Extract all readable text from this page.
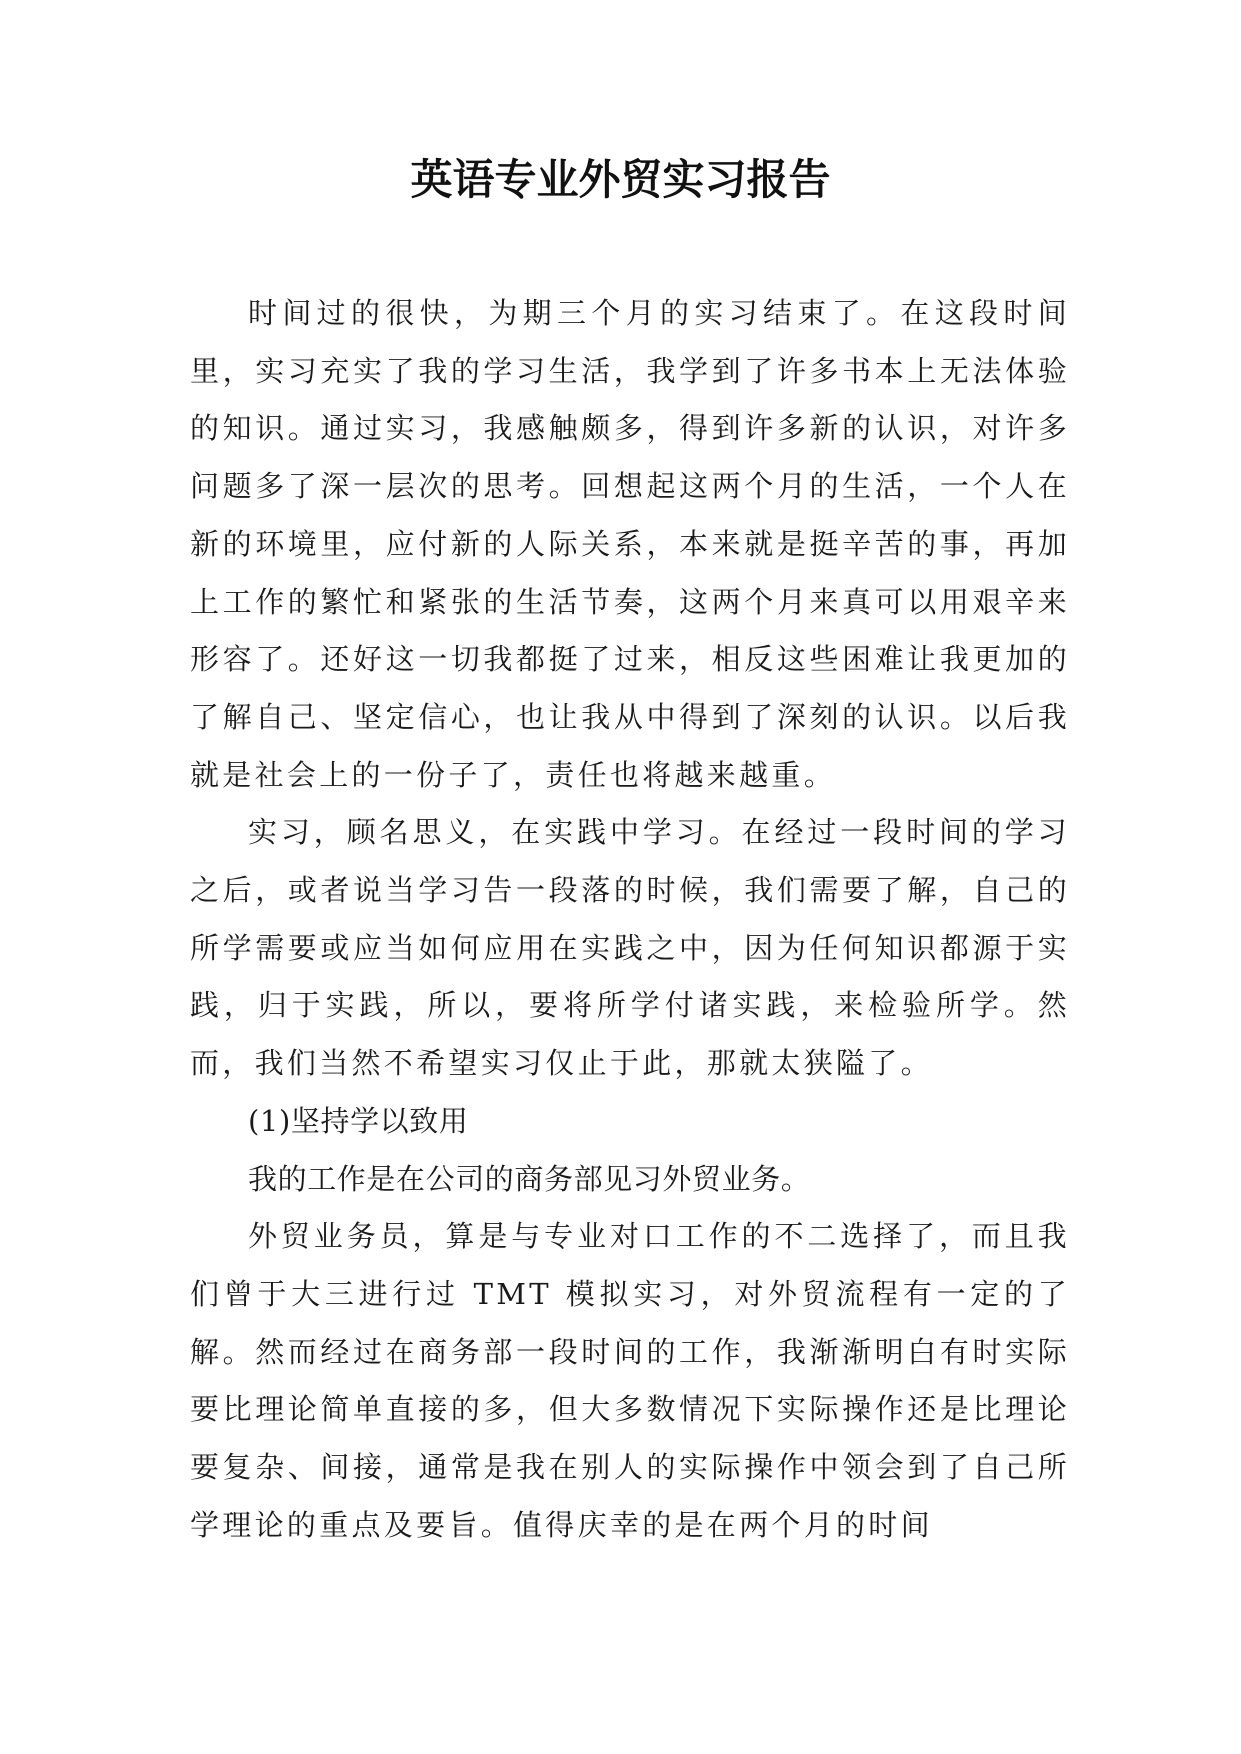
英语专业外贸实习报告

时间过的很快，为期三个月的实习结束了。在这段时间里，实习充实了我的学习生活，我学到了许多书本上无法体验的知识。通过实习，我感触颇多，得到许多新的认识，对许多问题多了深一层次的思考。回想起这两个月的生活，一个人在新的环境里，应付新的人际关系，本来就是挺辛苦的事，再加上工作的繁忙和紧张的生活节奏，这两个月来真可以用艰辛来形容了。还好这一切我都挺了过来，相反这些困难让我更加的了解自己、坚定信心，也让我从中得到了深刻的认识。以后我就是社会上的一份子了，责任也将越来越重。

实习，顾名思义，在实践中学习。在经过一段时间的学习之后，或者说当学习告一段落的时候，我们需要了解，自己的所学需要或应当如何应用在实践之中，因为任何知识都源于实践，归于实践，所以，要将所学付诸实践，来检验所学。然而，我们当然不希望实习仅止于此，那就太狭隘了。

(1)坚持学以致用

我的工作是在公司的商务部见习外贸业务。

外贸业务员，算是与专业对口工作的不二选择了，而且我们曾于大三进行过 TMT 模拟实习，对外贸流程有一定的了解。然而经过在商务部一段时间的工作，我渐渐明白有时实际要比理论简单直接的多，但大多数情况下实际操作还是比理论要复杂、间接，通常是我在别人的实际操作中领会到了自己所学理论的重点及要旨。值得庆幸的是在两个月的时间
